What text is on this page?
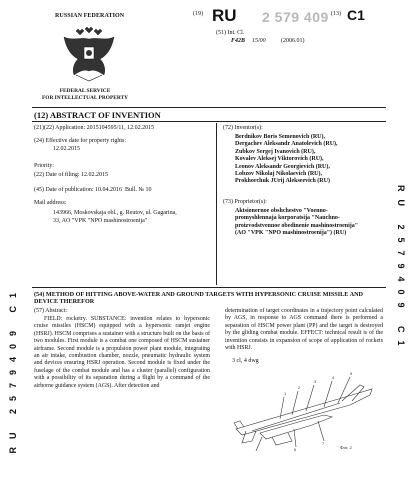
RUSSIAN FEDERATION
FEDERAL SERVICE
FOR INTELLECTUAL PROPERTY
(19) RU 2 579 409 (13) C1
(51) Int. Cl.
F42B 15/00	(2006.01)
(12) ABSTRACT OF INVENTION
(21)(22) Application: 2015104595/11, 12.02.2015
(24) Effective date for property rights:
12.02.2015
Priority:
(22) Date of filing: 12.02.2015
(45) Date of publication: 10.04.2016 Bull. № 10
Mail address:
143966, Moskovskaja obl., g. Reutov, ul. Gagarina,
33, AO "VPK "NPO mashinostroenija"
(72) Inventor(s):
Berdnikov Boris Semenovich (RU),
Dergachev Aleksandr Anatolevich (RU),
Zubkov Sergej Ivanovich (RU),
Kovalev Aleksej Viktorovich (RU),
Leonov Aleksandr Georgievich (RU),
Lobzov Nikolaj Nikolaevich (RU),
Prokhorchuk JUrij Alekseevich (RU)
(73) Proprietor(s):
Aktsionernoe obshchestvo "Voenno-
promyshlennaja korporatsija "Nauchno-
proizvodstvennoe obedinenie mashinostroenija"
(AO "VPK "NPO mashinostroenija") (RU)	RU 2579409 C1
RU 2579409 C1	(54) METHOD OF HITTING ABOVE-WATER AND GROUND TARGETS WITH HYPERSONIC CRUISE MISSILE AND DEVICE THEREFOR
(57) Abstract:
FIELD: rocketry. SUBSTANCE: invention relates to hypersonic cruise missiles (HSCM) equipped with a hypersonic ramjet engine (HSRJ). HSCM comprises a sustainer with a structure built on the basis of two modules. First module is a combat one composed of HSCM sustainer airframe. Second module is a propulsion power plant module, integrating an air intake, combustion chamber, nozzle, pneumatic hydraulic system and devices ensuring HSRJ operation. Second module is fixed under the fuselage of the combat module and has a cluster (parallel) configuration with a possibility of its separation during a flight by a command of the airborne guidance system (AGS). After detection and
determination of target coordinates in a trajectory point calculated by AGS, in response to AGS command there is performed a separation of HSCM power plant (PP) and the target is destroyed by the gliding combat module. EFFECT: technical result is of the invention consists in expansion of scope of application of rockets with HSRJ.
3 cl, 4 dwg
1
2
3
4
5
6
7
Фиг. 2
